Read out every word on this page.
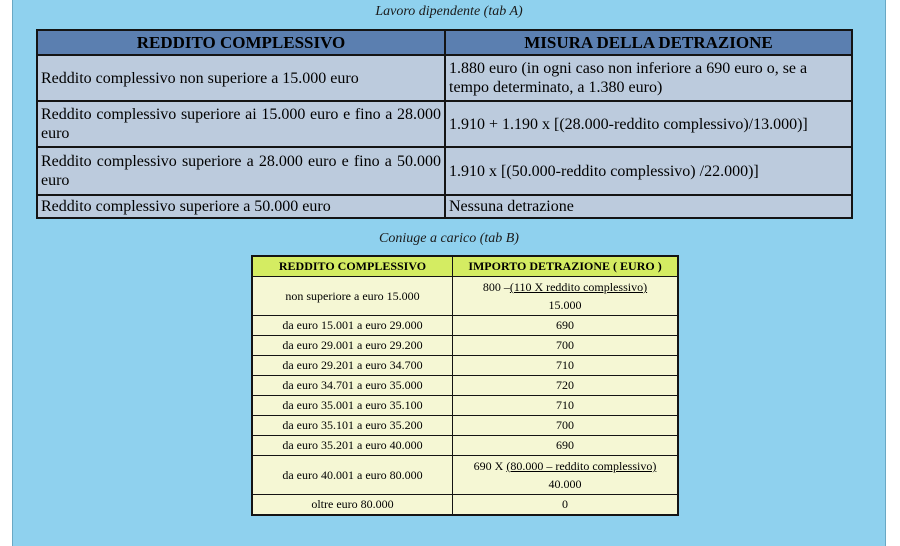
Lavoro dipendente (tab A)
REDDITO COMPLESSIVO	MISURA DELLA DETRAZIONE
Reddito complessivo non superiore a 15.000 euro	1.880 euro (in ogni caso non inferiore a 690 euro o, se a tempo determinato, a 1.380 euro)
Reddito complessivo superiore ai 15.000 euro e fino a 28.000 euro	1.910 + 1.190 x [(28.000-reddito complessivo)/13.000)]
Reddito complessivo superiore a 28.000 euro e fino a 50.000 euro	1.910 x [(50.000-reddito complessivo) /22.000)]
Reddito complessivo superiore a 50.000 euro	Nessuna detrazione
Coniuge a carico (tab B)
REDDITO COMPLESSIVO	IMPORTO DETRAZIONE ( EURO )
non superiore a euro 15.000	800 –(110 X reddito complessivo)
15.000

da euro 15.001 a euro 29.000	690
da euro 29.001 a euro 29.200	700
da euro 29.201 a euro 34.700	710
da euro 34.701 a euro 35.000	720
da euro 35.001 a euro 35.100	710
da euro 35.101 a euro 35.200	700
da euro 35.201 a euro 40.000	690
da euro 40.001 a euro 80.000	690 X (80.000 – reddito complessivo)
40.000

oltre euro 80.000	0
